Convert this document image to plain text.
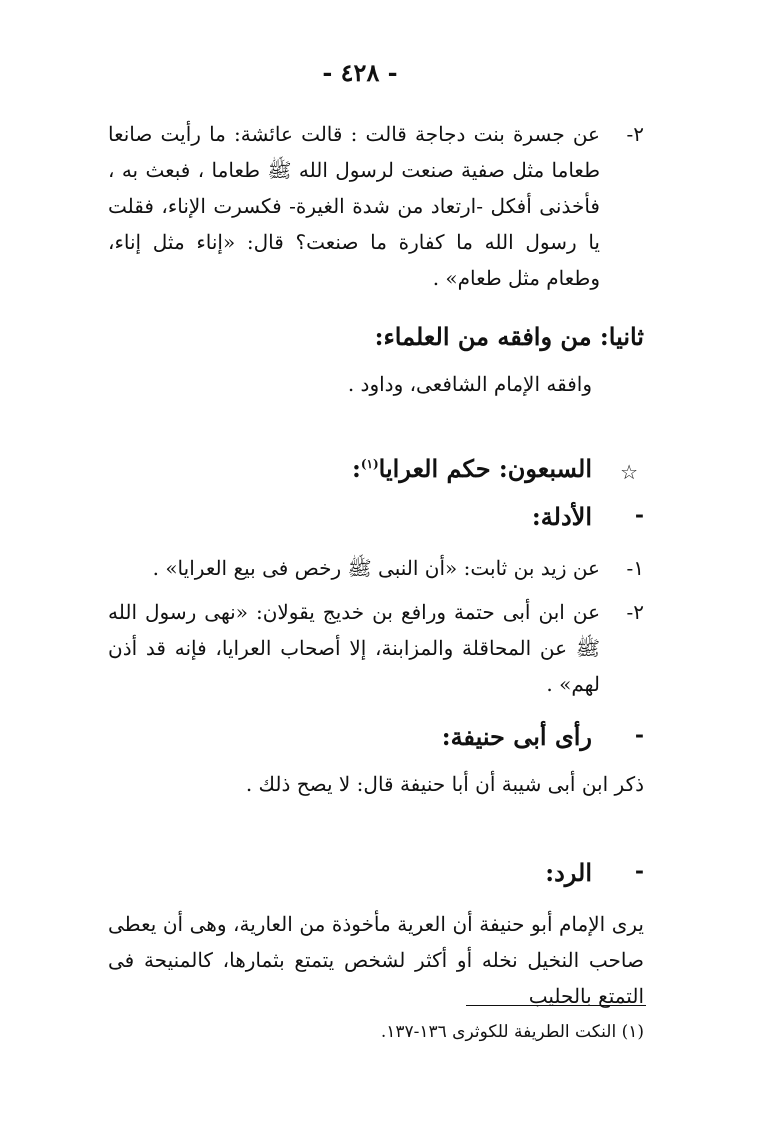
- ٤٢٨ -
٢-
عن جسرة بنت دجاجة قالت : قالت عائشة: ما رأيت صانعا طعاما مثل صفية صنعت لرسول الله ﷺ طعاما ، فبعث به ، فأخذنى أفكل -ارتعاد من شدة الغيرة- فكسرت الإناء، فقلت يا رسول الله ما كفارة ما صنعت؟ قال: «إناء مثل إناء، وطعام مثل طعام» .
ثانيا: من وافقه من العلماء:
وافقه الإمام الشافعى، وداود .
☆
السبعون: حكم العرايا$^{(١)}$:
-
الأدلة:
١-
عن زيد بن ثابت: «أن النبى ﷺ رخص فى بيع العرايا» .
٢-
عن ابن أبى حتمة ورافع بن خديج يقولان: «نهى رسول الله ﷺ عن المحاقلة والمزابنة، إلا أصحاب العرايا، فإنه قد أذن لهم» .
-
رأى أبى حنيفة:
ذكر ابن أبى شيبة أن أبا حنيفة قال: لا يصح ذلك .
-
الرد:
يرى الإمام أبو حنيفة أن العرية مأخوذة من العارية، وهى أن يعطى صاحب النخيل نخله أو أكثر لشخص يتمتع بثمارها، كالمنيحة فى التمتع بالحليب
(١) النكت الطريفة للكوثرى ١٣٦-١٣٧.
